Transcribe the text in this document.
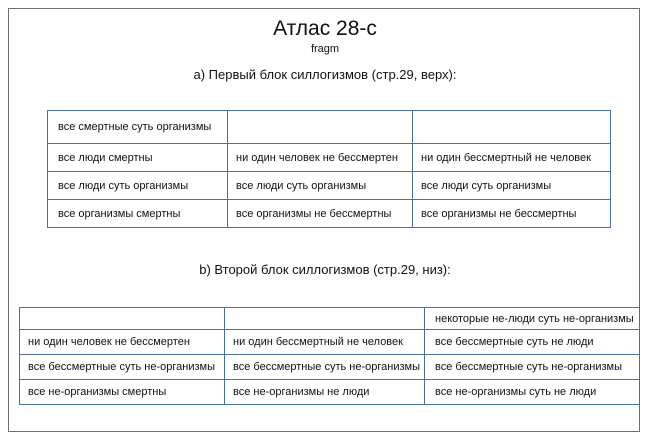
Атлас 28-с
fragm
а) Первый блок силлогизмов (стр.29, верх):
все смертные суть организмы		
все люди смертны	ни один человек не бессмертен	ни один бессмертный не человек
все люди суть организмы	все люди суть организмы	все люди суть организмы
все организмы смертны	все организмы не бессмертны	все организмы не бессмертны
b) Второй блок силлогизмов (стр.29, низ):
		некоторые не-люди суть не-организмы
ни один человек не бессмертен	ни один бессмертный не человек	все бессмертные суть не люди
все бессмертные суть не-организмы	все бессмертные суть не-организмы	все бессмертные суть не-организмы
все не-организмы смертны	все не-организмы не люди	все не-организмы суть не люди
